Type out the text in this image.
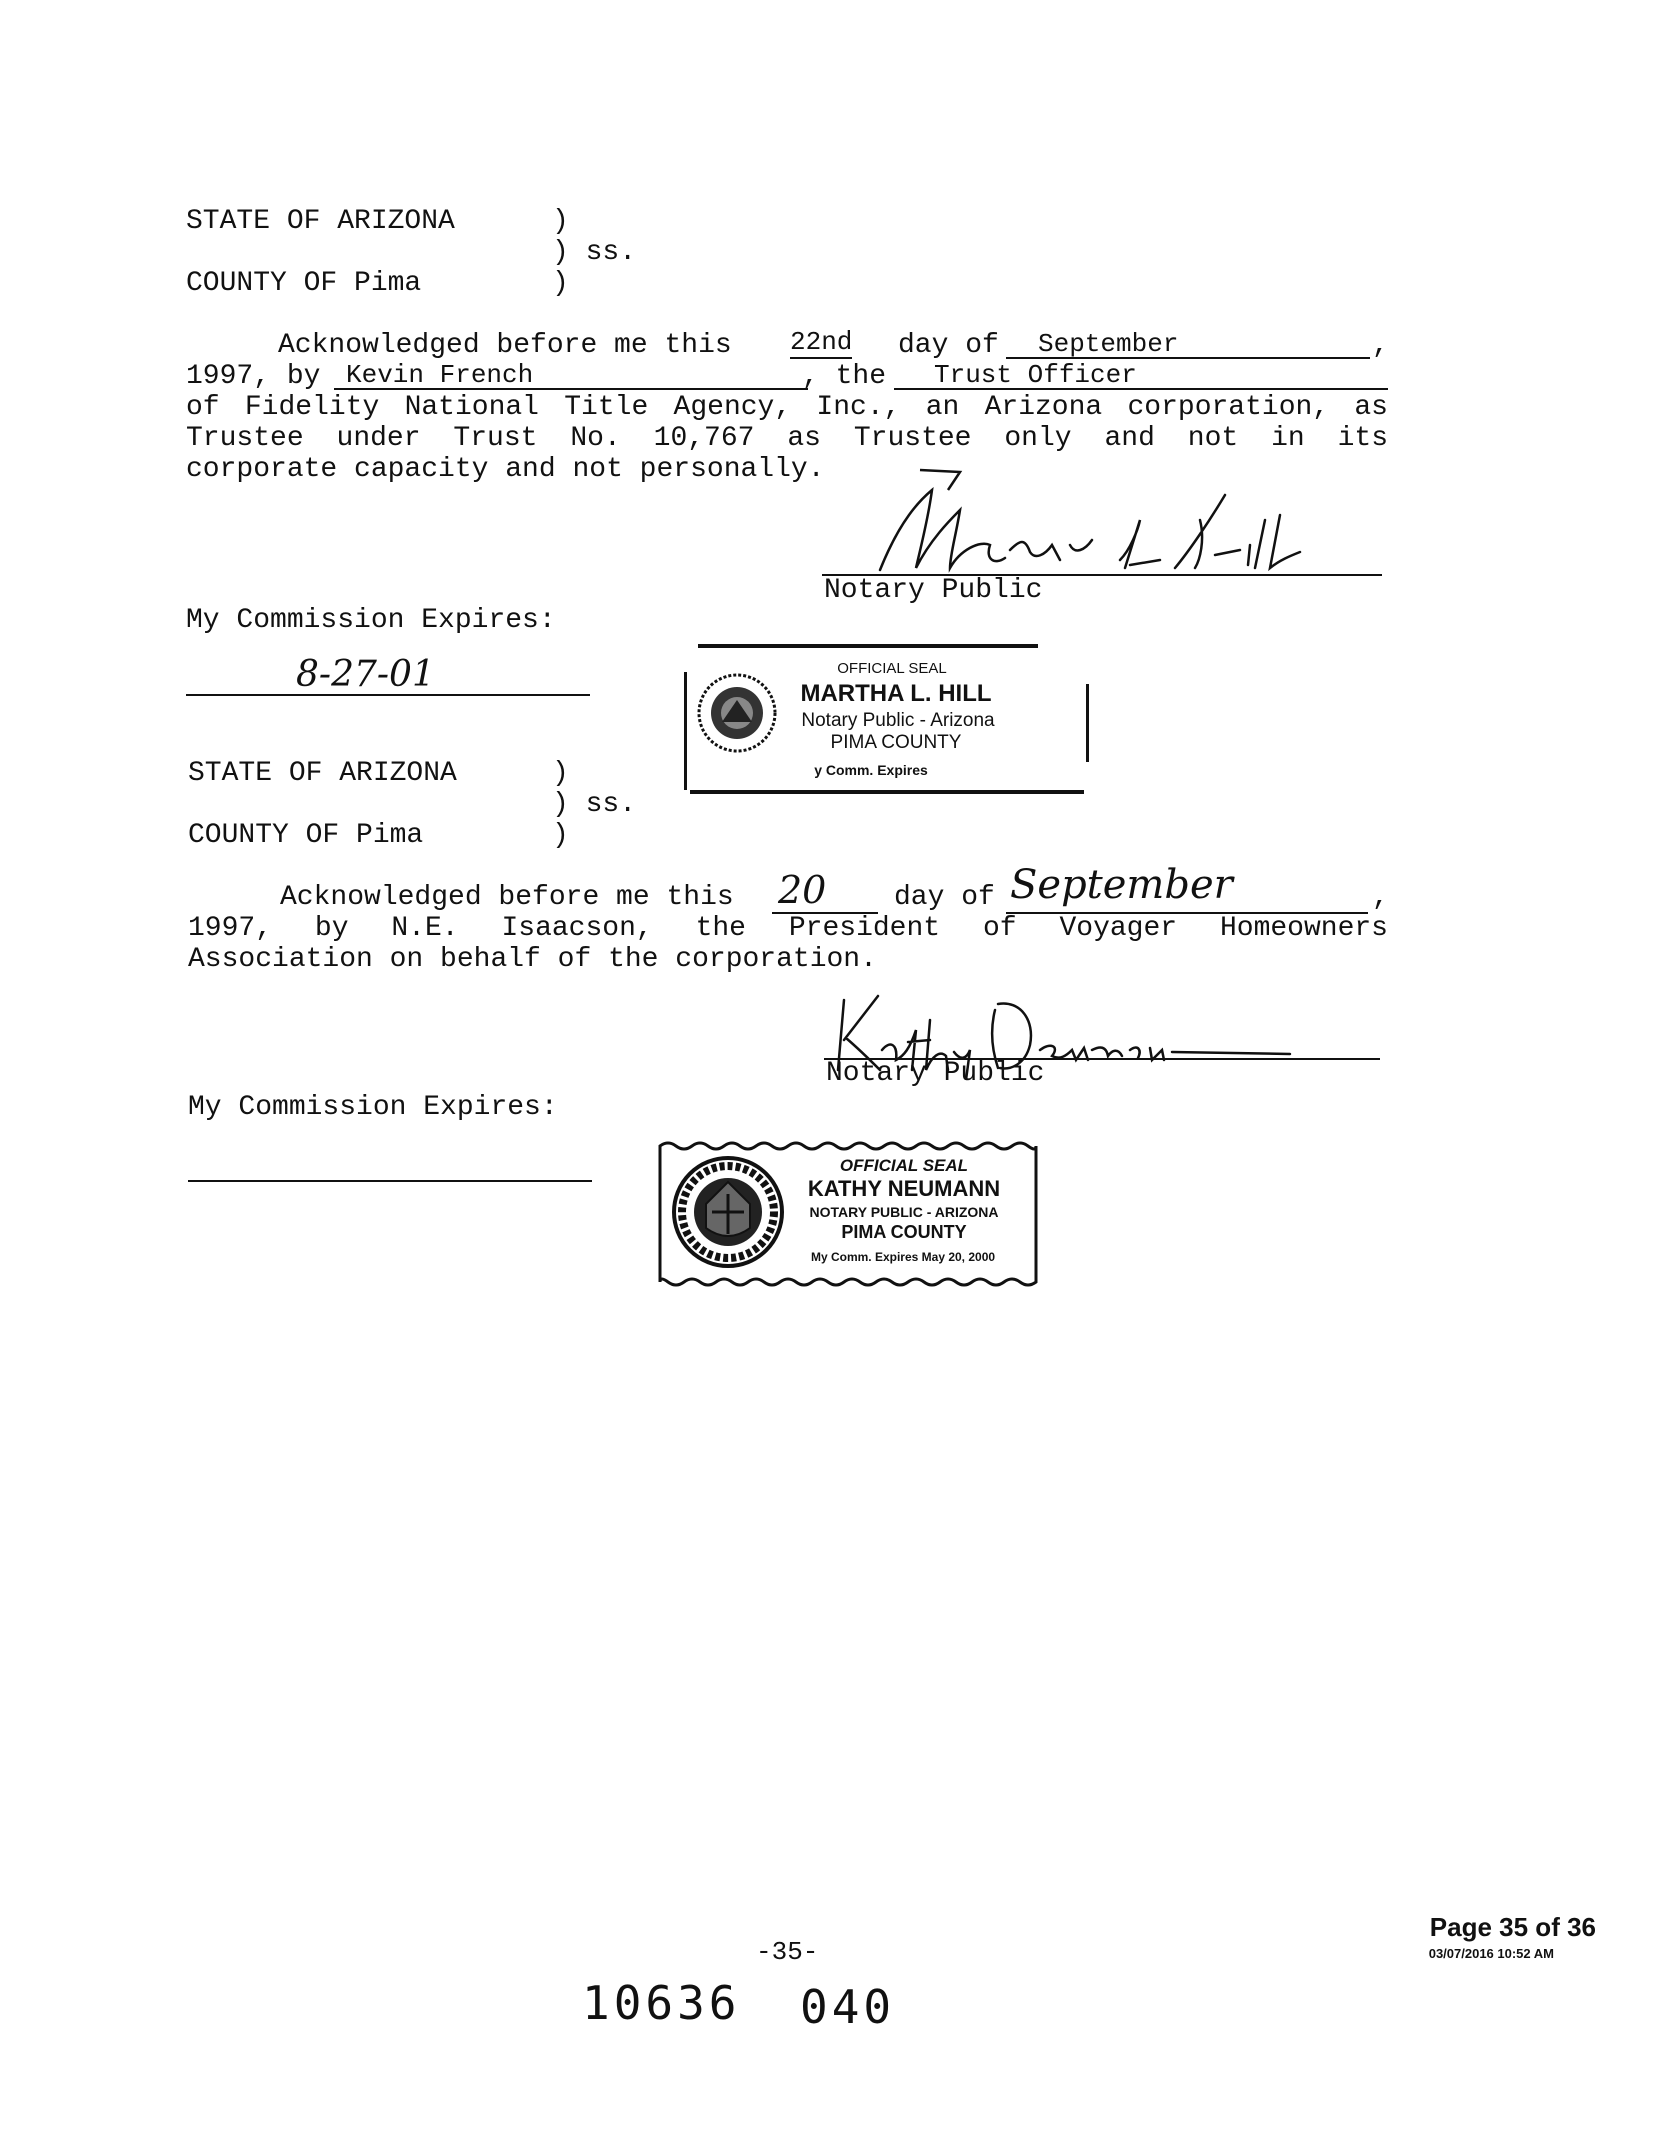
STATE OF ARIZONA	)
) ss.
COUNTY OF Pima	)
Acknowledged before me this 22nd day of	September	,
1997, by Kevin French	, the	Trust Officer
of Fidelity National Title Agency, Inc., an Arizona corporation, as
Trustee under Trust No. 10,767 as Trustee only and not in its
corporate capacity and not personally.
Notary Public
My Commission Expires:
8-27-01	OFFICIAL SEAL
MARTHA L. HILL
Notary Public - Arizona
PIMA COUNTY
y Comm. Expires
STATE OF ARIZONA	)
) ss.
COUNTY OF Pima	)
Acknowledged before me this 20 day of September	,
1997, by N.E. Isaacson, the President of Voyager Homeowners
Association on behalf of the corporation.
Notary Public
My Commission Expires:
OFFICIAL SEAL
KATHY NEUMANN
NOTARY PUBLIC - ARIZONA
PIMA COUNTY
My Comm. Expires May 20, 2000
-35-
Page 35 of 36
03/07/2016 10:52 AM
10636 040
